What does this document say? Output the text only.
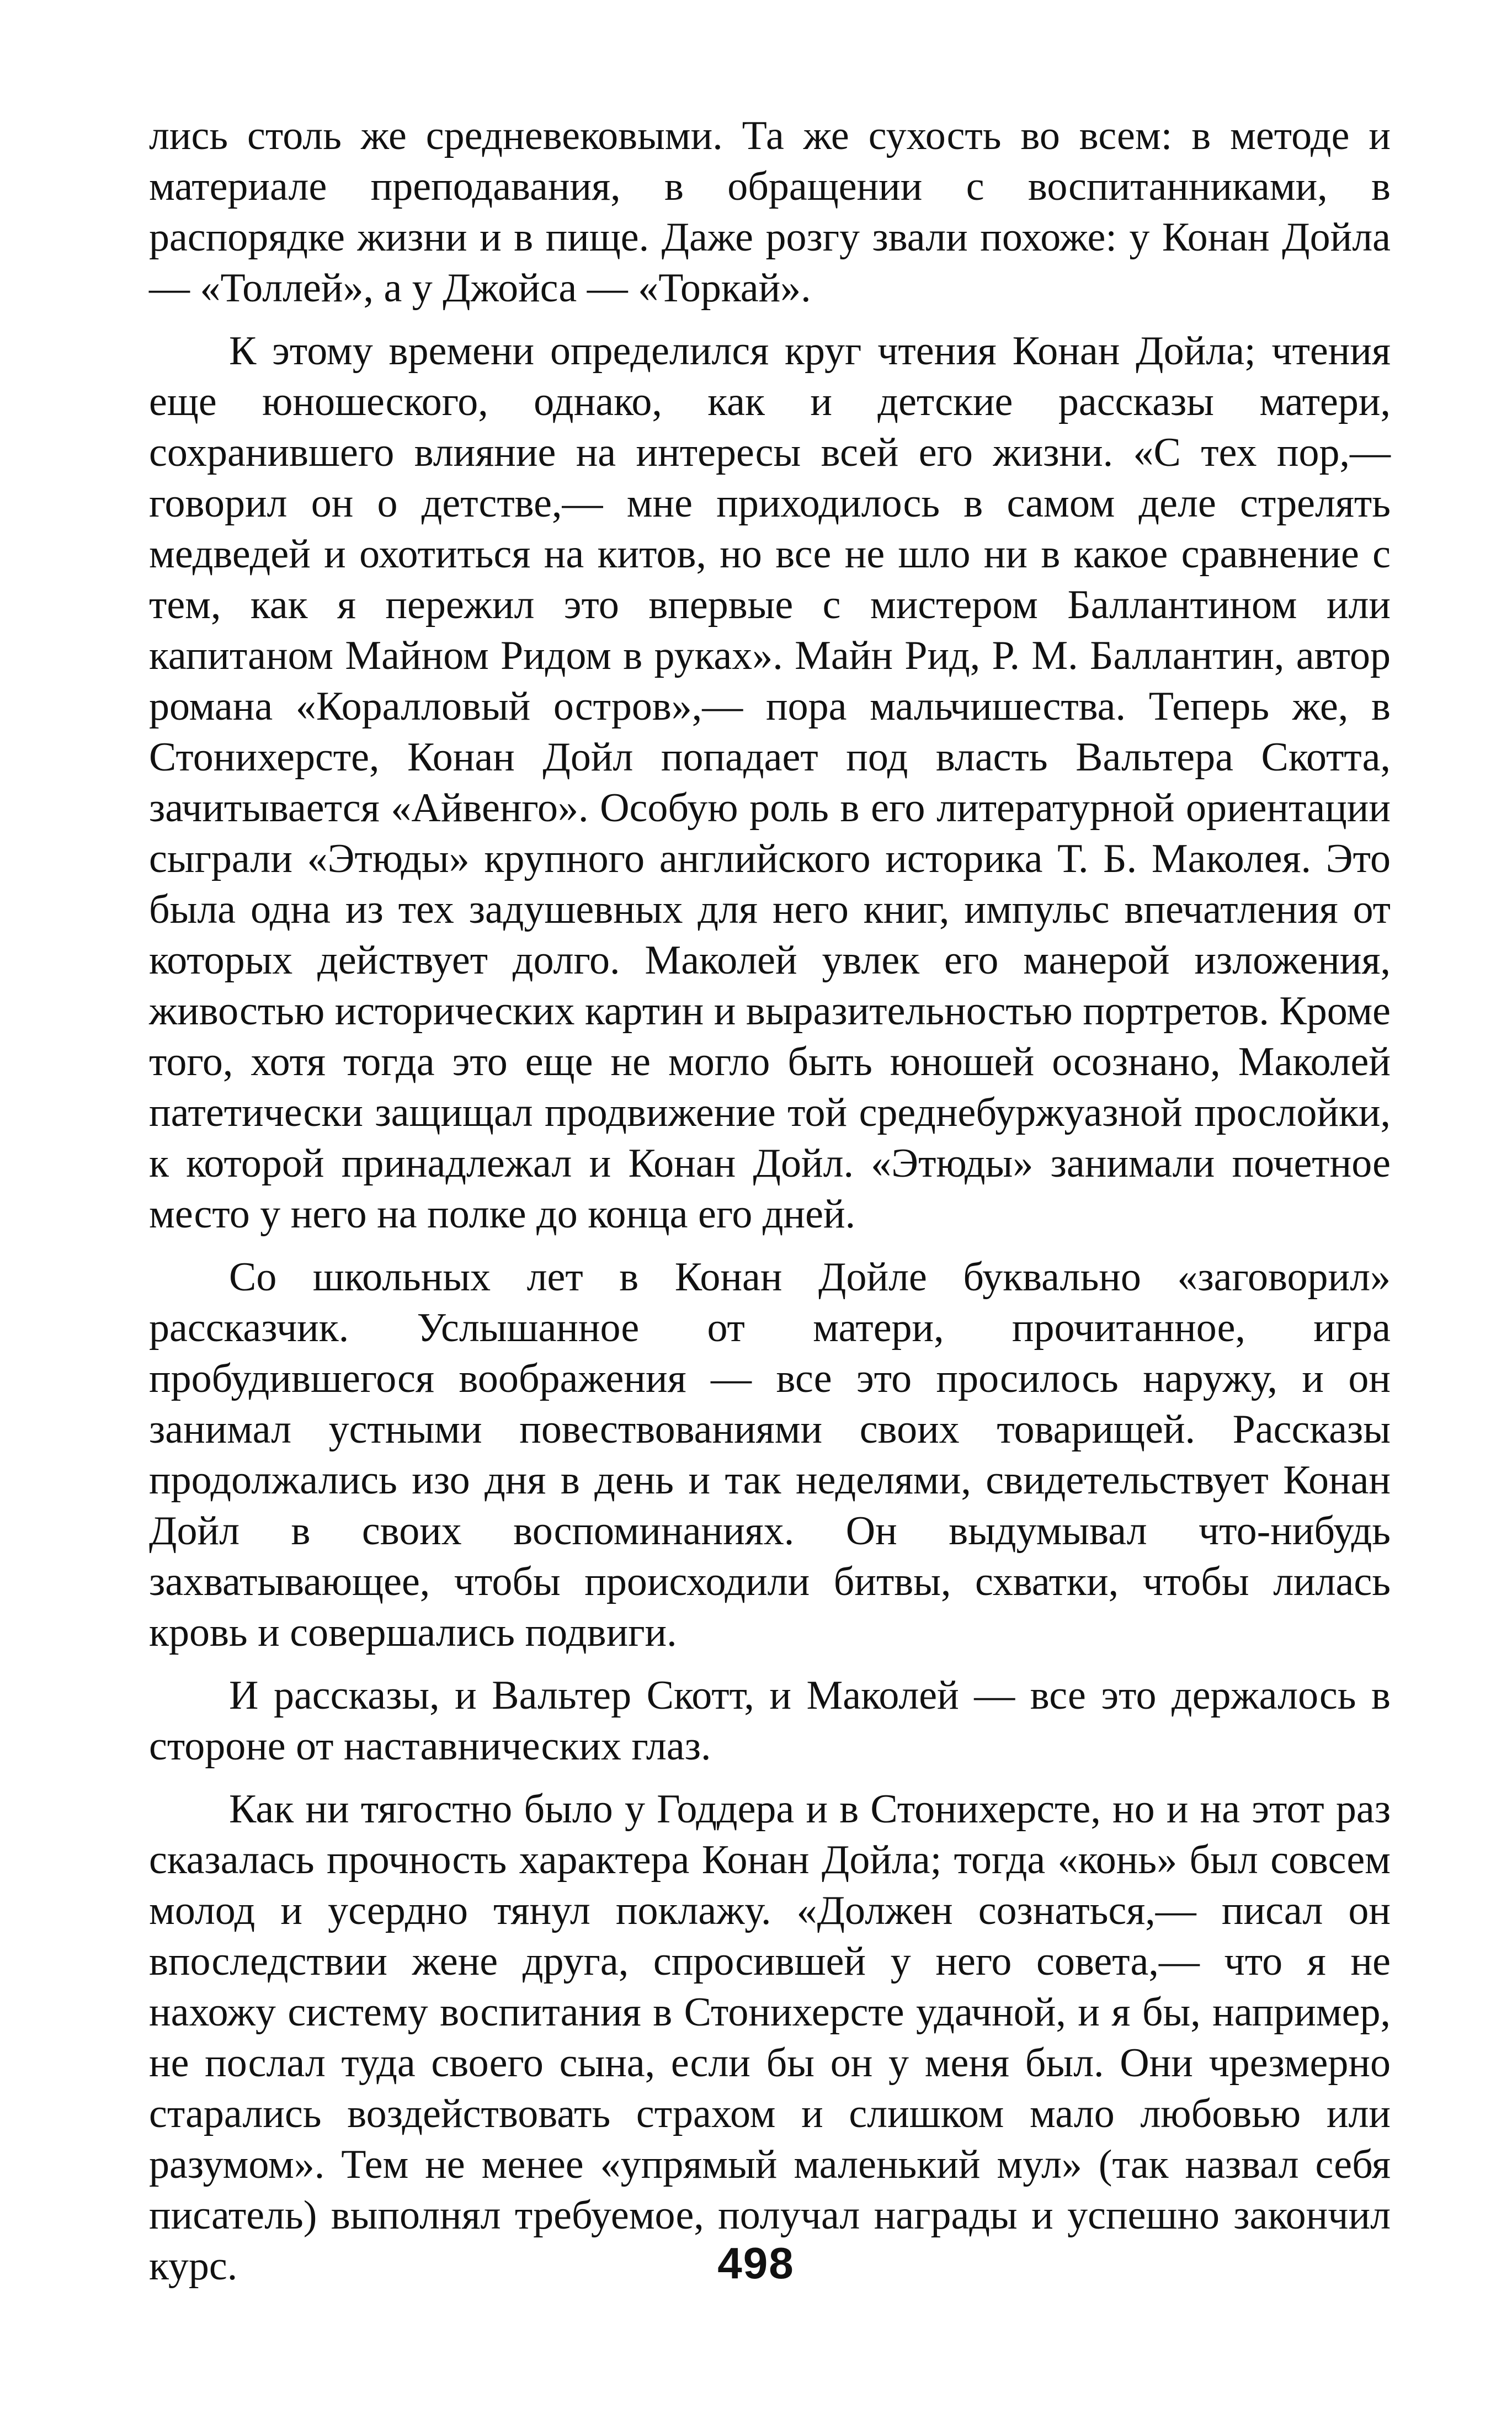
лись столь же средневековыми. Та же сухость во всем: в методе и материале преподавания, в обращении с воспитанниками, в распорядке жизни и в пище. Даже розгу звали похоже: у Конан Дойла — «Толлей», а у Джойса — «Торкай».

К этому времени определился круг чтения Конан Дойла; чтения еще юношеского, однако, как и детские рассказы матери, сохранившего влияние на интересы всей его жизни. «С тех пор,— говорил он о детстве,— мне приходилось в самом деле стрелять медведей и охотиться на китов, но все не шло ни в какое сравнение с тем, как я пережил это впервые с мистером Баллантином или капитаном Майном Ридом в руках». Майн Рид, Р. М. Баллантин, автор романа «Коралловый остров»,— пора мальчишества. Теперь же, в Стонихерсте, Конан Дойл попадает под власть Вальтера Скотта, зачитывается «Айвенго». Особую роль в его литературной ориентации сыграли «Этюды» крупного английского историка Т. Б. Маколея. Это была одна из тех задушевных для него книг, импульс впечатления от которых действует долго. Маколей увлек его манерой изложения, живостью исторических картин и выразительностью портретов. Кроме того, хотя тогда это еще не могло быть юношей осознано, Маколей патетически защищал продвижение той среднебуржуазной прослойки, к которой принадлежал и Конан Дойл. «Этюды» занимали почетное место у него на полке до конца его дней.

Со школьных лет в Конан Дойле буквально «заговорил» рассказчик. Услышанное от матери, прочитанное, игра пробудившегося воображения — все это просилось наружу, и он занимал устными повествованиями своих товарищей. Рассказы продолжались изо дня в день и так неделями, свидетельствует Конан Дойл в своих воспоминаниях. Он выдумывал что-нибудь захватывающее, чтобы происходили битвы, схватки, чтобы лилась кровь и совершались подвиги.

И рассказы, и Вальтер Скотт, и Маколей — все это держалось в стороне от наставнических глаз.

Как ни тягостно было у Годдера и в Стонихерсте, но и на этот раз сказалась прочность характера Конан Дойла; тогда «конь» был совсем молод и усердно тянул поклажу. «Должен сознаться,— писал он впоследствии жене друга, спросившей у него совета,— что я не нахожу систему воспитания в Стонихерсте удачной, и я бы, например, не послал туда своего сына, если бы он у меня был. Они чрезмерно старались воздействовать страхом и слишком мало любовью или разумом». Тем не менее «упрямый маленький мул» (так назвал себя писатель) выполнял требуемое, получал награды и успешно закончил курс.	498
